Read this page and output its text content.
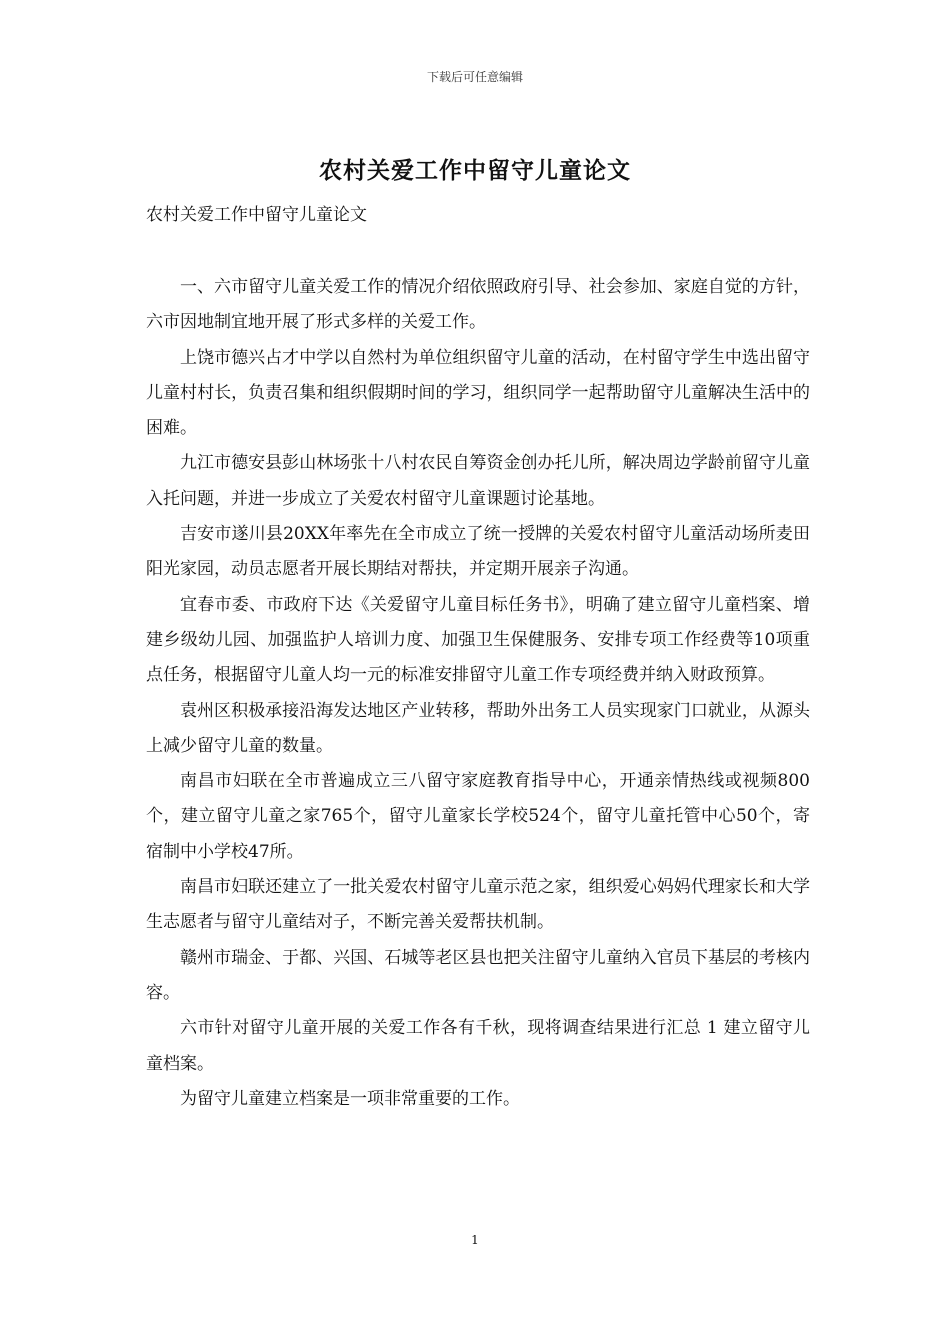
下载后可任意编辑
农村关爱工作中留守儿童论文

农村关爱工作中留守儿童论文

一、六市留守儿童关爱工作的情况介绍依照政府引导、社会参加、家庭自觉的方针，六市因地制宜地开展了形式多样的关爱工作。

上饶市德兴占才中学以自然村为单位组织留守儿童的活动，在村留守学生中选出留守儿童村村长，负责召集和组织假期时间的学习，组织同学一起帮助留守儿童解决生活中的困难。

九江市德安县彭山林场张十八村农民自筹资金创办托儿所，解决周边学龄前留守儿童入托问题，并进一步成立了关爱农村留守儿童课题讨论基地。

吉安市遂川县20XX年率先在全市成立了统一授牌的关爱农村留守儿童活动场所麦田阳光家园，动员志愿者开展长期结对帮扶，并定期开展亲子沟通。

宜春市委、市政府下达《关爱留守儿童目标任务书》，明确了建立留守儿童档案、增建乡级幼儿园、加强监护人培训力度、加强卫生保健服务、安排专项工作经费等10项重点任务，根据留守儿童人均一元的标准安排留守儿童工作专项经费并纳入财政预算。

袁州区积极承接沿海发达地区产业转移，帮助外出务工人员实现家门口就业，从源头上减少留守儿童的数量。

南昌市妇联在全市普遍成立三八留守家庭教育指导中心，开通亲情热线或视频800个，建立留守儿童之家765个，留守儿童家长学校524个，留守儿童托管中心50个，寄宿制中小学校47所。

南昌市妇联还建立了一批关爱农村留守儿童示范之家，组织爱心妈妈代理家长和大学生志愿者与留守儿童结对子，不断完善关爱帮扶机制。

赣州市瑞金、于都、兴国、石城等老区县也把关注留守儿童纳入官员下基层的考核内容。

六市针对留守儿童开展的关爱工作各有千秋，现将调查结果进行汇总 1 建立留守儿童档案。

为留守儿童建立档案是一项非常重要的工作。

1
